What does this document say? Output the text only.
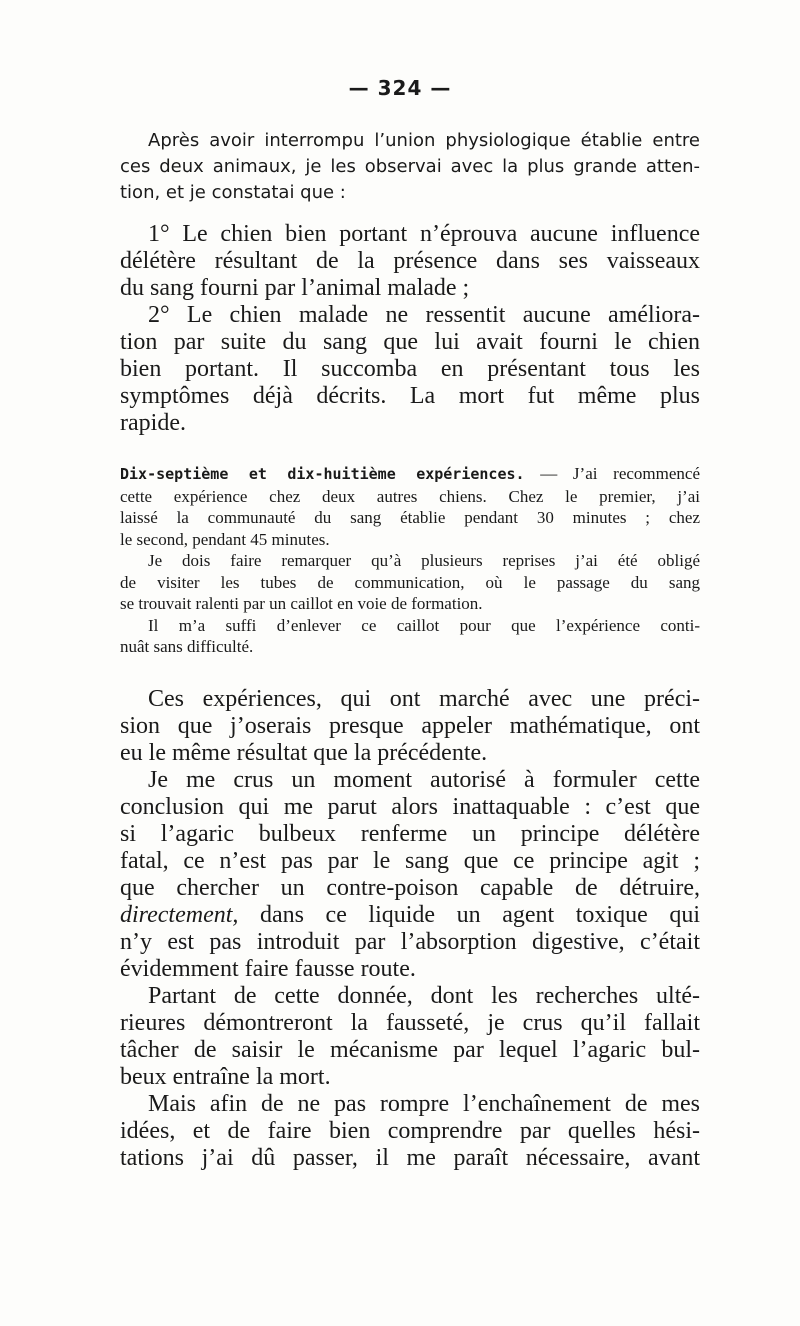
— 324 —
Après avoir interrompu l’union physiologique établie entre
ces deux animaux, je les observai avec la plus grande atten-
tion, et je constatai que :
1° Le chien bien portant n’éprouva aucune influence
délétère résultant de la présence dans ses vaisseaux
du sang fourni par l’animal malade ;
2° Le chien malade ne ressentit aucune améliora-
tion par suite du sang que lui avait fourni le chien
bien portant. Il succomba en présentant tous les
symptômes déjà décrits. La mort fut même plus
rapide.
Dix-septième et dix-huitième expériences. — J’ai recommencé
cette expérience chez deux autres chiens. Chez le premier, j’ai
laissé la communauté du sang établie pendant 30 minutes ; chez
le second, pendant 45 minutes.
Je dois faire remarquer qu’à plusieurs reprises j’ai été obligé
de visiter les tubes de communication, où le passage du sang
se trouvait ralenti par un caillot en voie de formation.
Il m’a suffi d’enlever ce caillot pour que l’expérience conti-
nuât sans difficulté.
Ces expériences, qui ont marché avec une préci-
sion que j’oserais presque appeler mathématique, ont
eu le même résultat que la précédente.
Je me crus un moment autorisé à formuler cette
conclusion qui me parut alors inattaquable : c’est que
si l’agaric bulbeux renferme un principe délétère
fatal, ce n’est pas par le sang que ce principe agit ;
que chercher un contre-poison capable de détruire,
directement, dans ce liquide un agent toxique qui
n’y est pas introduit par l’absorption digestive, c’était
évidemment faire fausse route.
Partant de cette donnée, dont les recherches ulté-
rieures démontreront la fausseté, je crus qu’il fallait
tâcher de saisir le mécanisme par lequel l’agaric bul-
beux entraîne la mort.
Mais afin de ne pas rompre l’enchaînement de mes
idées, et de faire bien comprendre par quelles hési-
tations j’ai dû passer, il me paraît nécessaire, avant
